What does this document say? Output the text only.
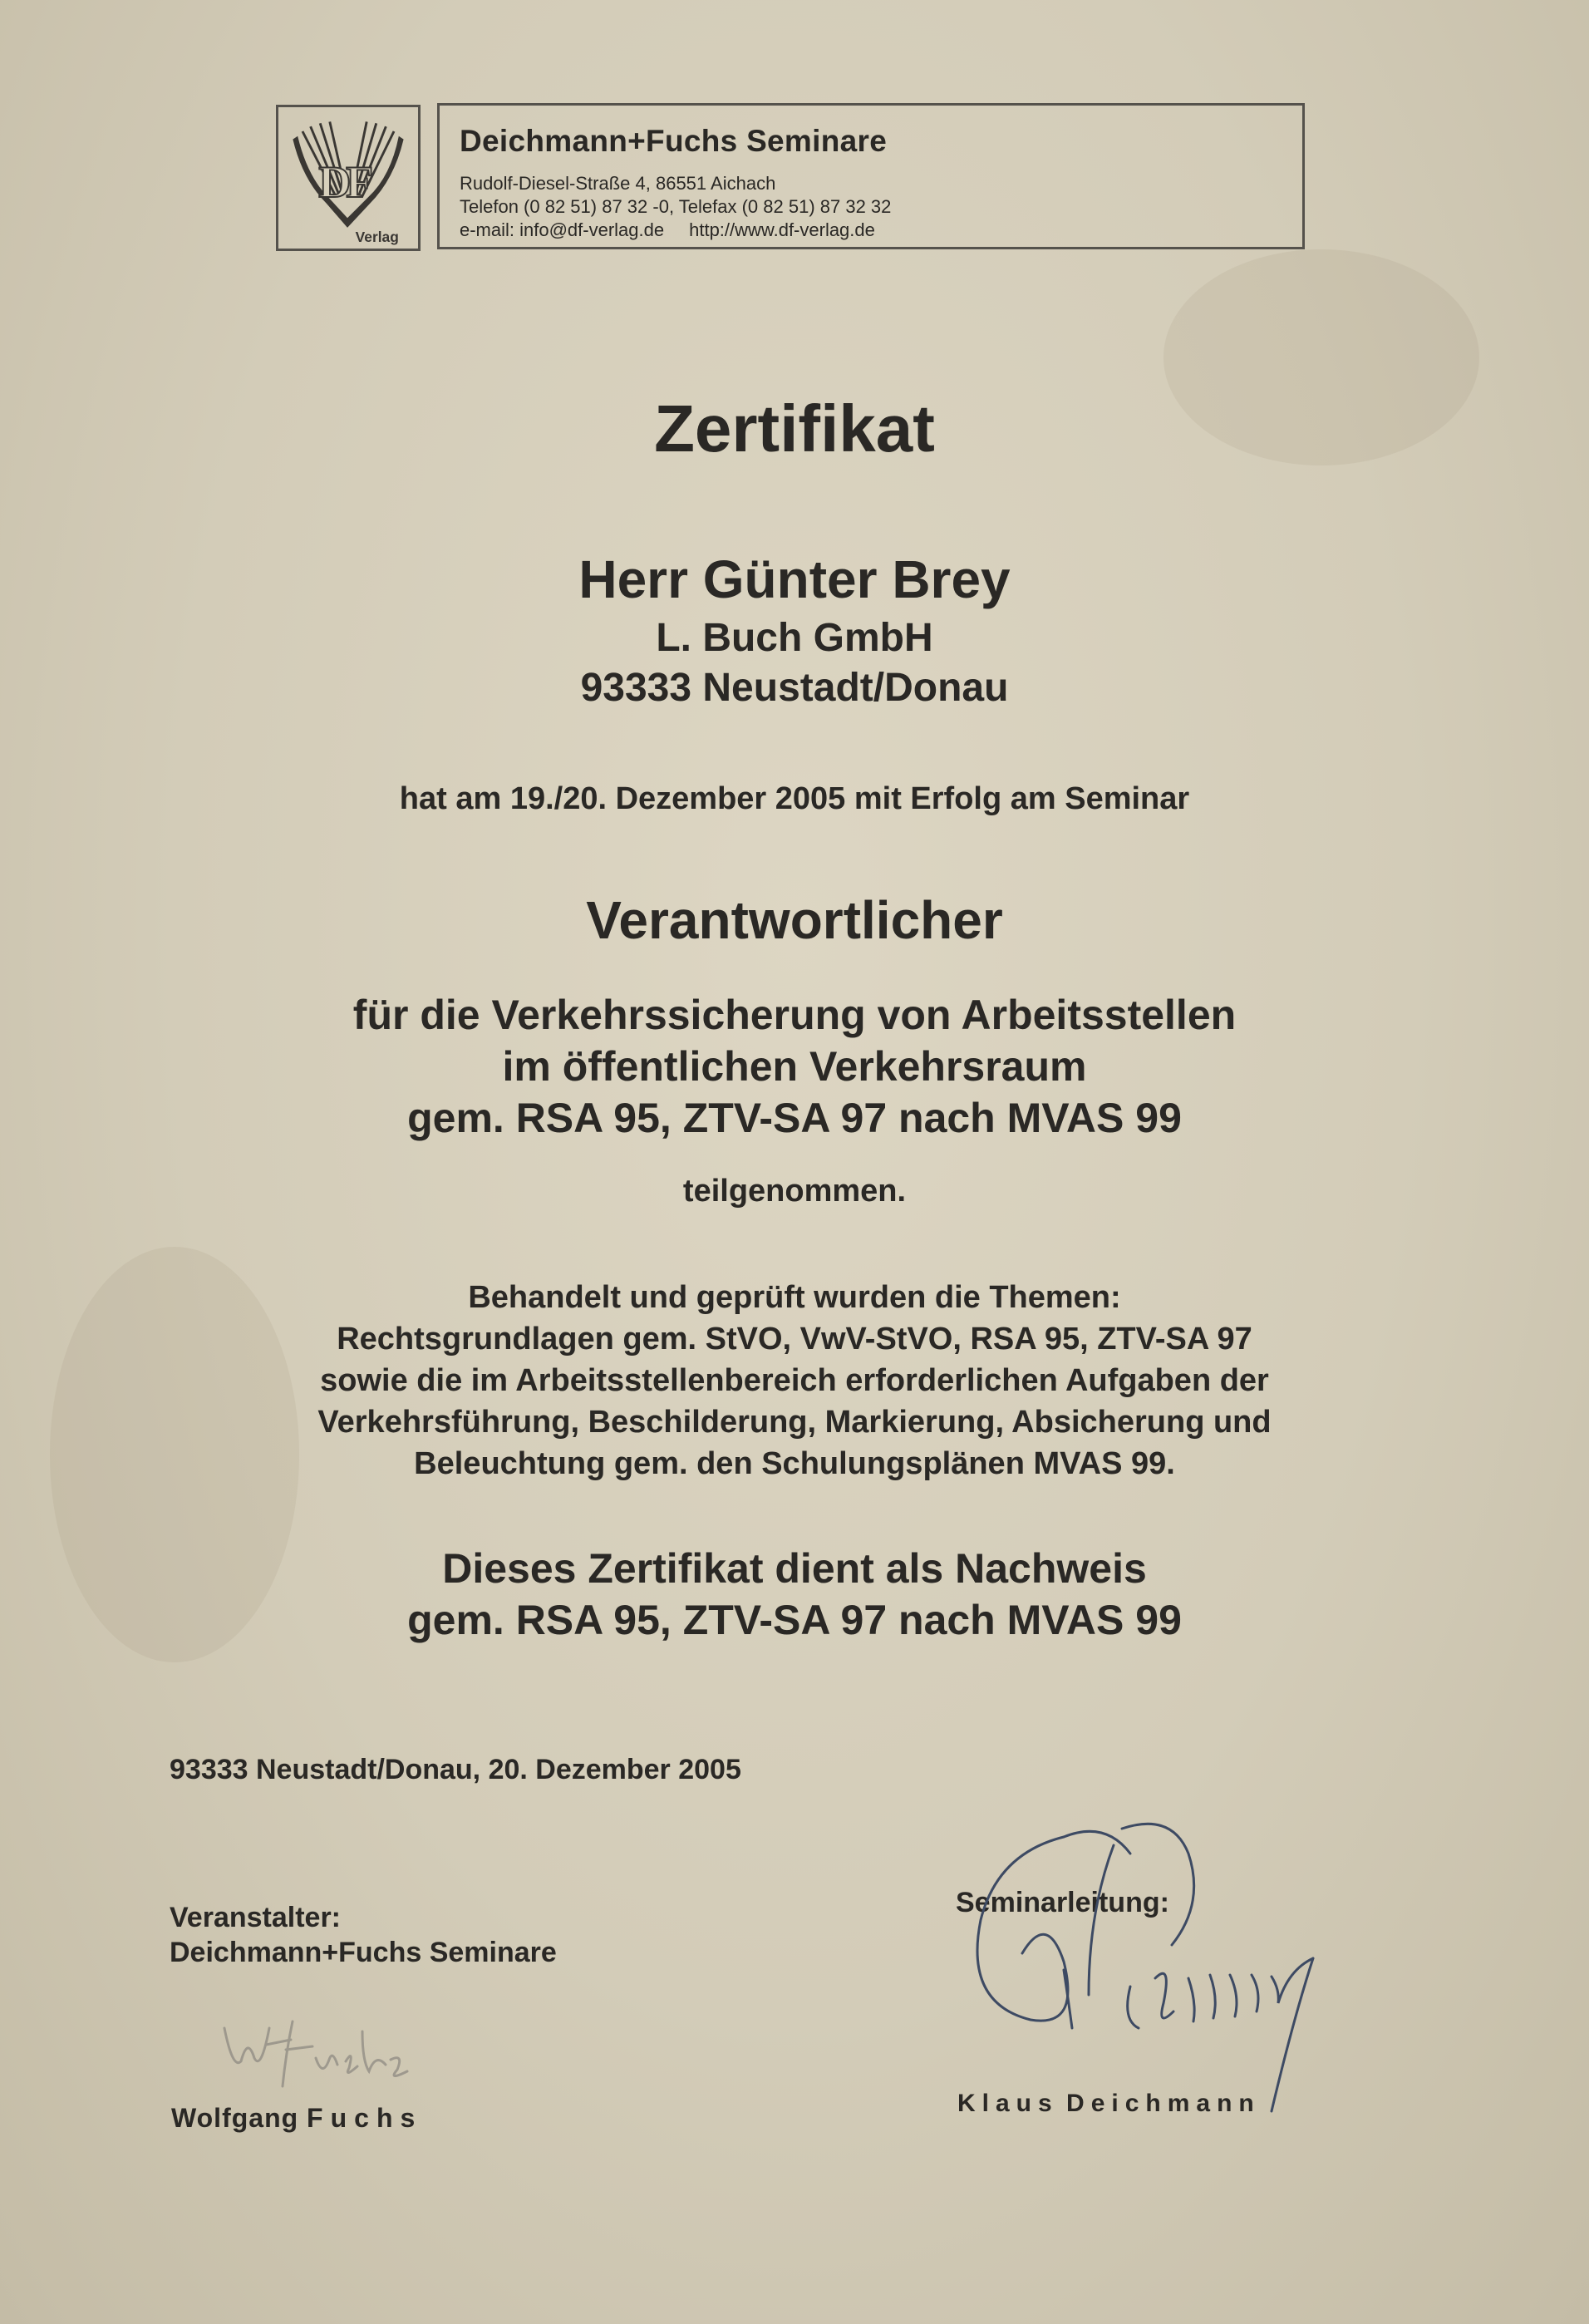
D
F
Verlag
Deichmann+Fuchs Seminare
Rudolf-Diesel-Straße 4, 86551 Aichach
Telefon (0 82 51) 87 32 -0, Telefax (0 82 51) 87 32 32
e-mail: info@df-verlag.de http://www.df-verlag.de
Zertifikat
Herr Günter Brey
L. Buch GmbH
93333 Neustadt/Donau
hat am 19./20. Dezember 2005 mit Erfolg am Seminar
Verantwortlicher
für die Verkehrssicherung von Arbeitsstellen
im öffentlichen Verkehrsraum
gem. RSA 95, ZTV-SA 97 nach MVAS 99
teilgenommen.
Behandelt und geprüft wurden die Themen:
Rechtsgrundlagen gem. StVO, VwV-StVO, RSA 95, ZTV-SA 97
sowie die im Arbeitsstellenbereich erforderlichen Aufgaben der
Verkehrsführung, Beschilderung, Markierung, Absicherung und
Beleuchtung gem. den Schulungsplänen MVAS 99.
Dieses Zertifikat dient als Nachweis
gem. RSA 95, ZTV-SA 97 nach MVAS 99
93333 Neustadt/Donau, 20. Dezember 2005
Veranstalter:
Deichmann+Fuchs Seminare
Seminarleitung:
Wolfgang Fuchs	Klaus Deichmann
